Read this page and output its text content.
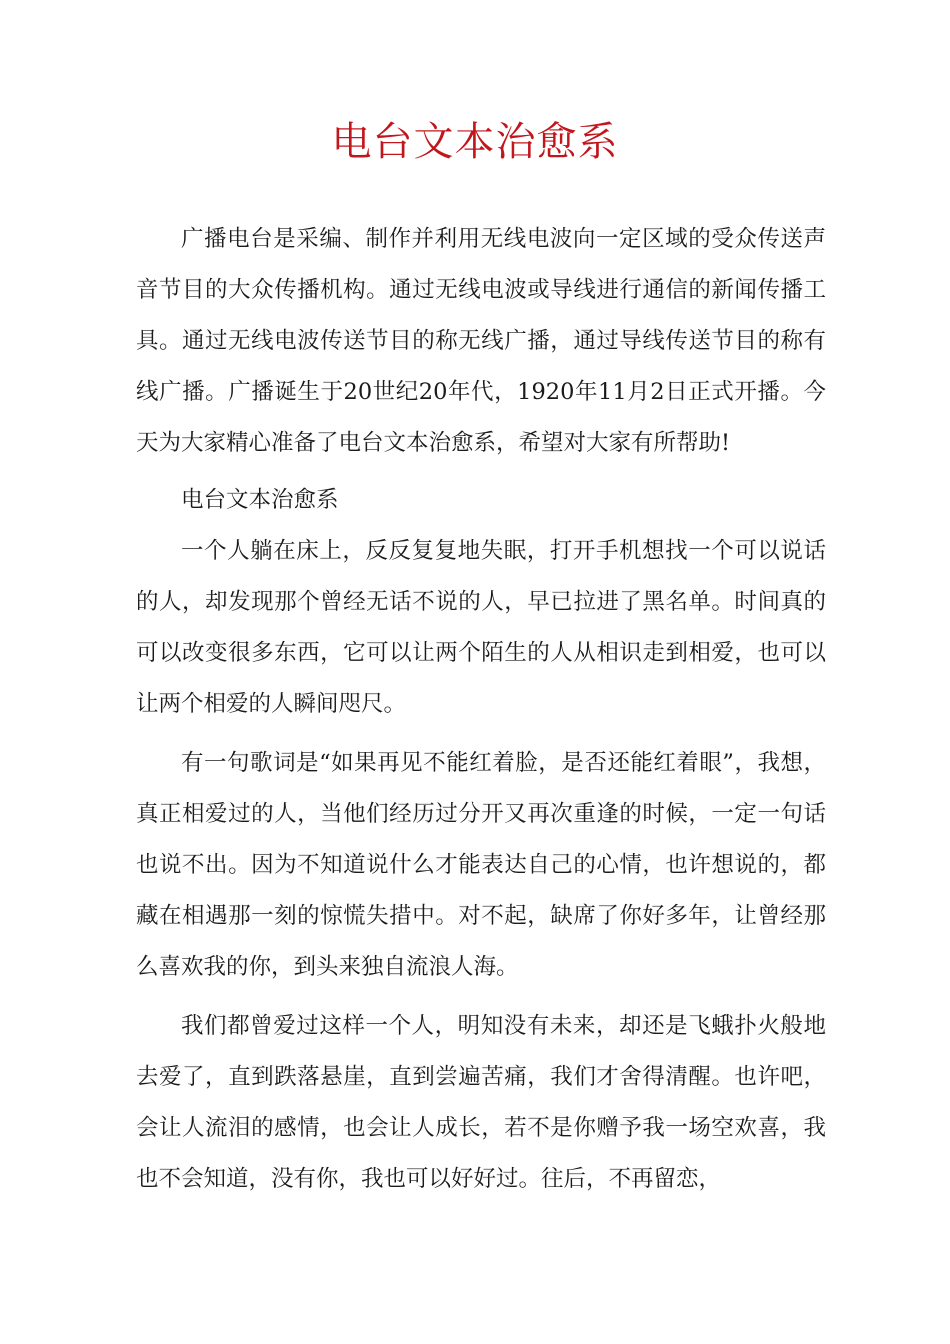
电台文本治愈系

广播电台是采编、制作并利用无线电波向一定区域的受众传送声音节目的大众传播机构。通过无线电波或导线进行通信的新闻传播工具。通过无线电波传送节目的称无线广播，通过导线传送节目的称有线广播。广播诞生于20世纪20年代，1920年11月2日正式开播。今天为大家精心准备了电台文本治愈系，希望对大家有所帮助!

电台文本治愈系

一个人躺在床上，反反复复地失眠，打开手机想找一个可以说话的人，却发现那个曾经无话不说的人，早已拉进了黑名单。时间真的可以改变很多东西，它可以让两个陌生的人从相识走到相爱，也可以让两个相爱的人瞬间咫尺。

有一句歌词是“如果再见不能红着脸，是否还能红着眼”，我想，真正相爱过的人，当他们经历过分开又再次重逢的时候，一定一句话也说不出。因为不知道说什么才能表达自己的心情，也许想说的，都藏在相遇那一刻的惊慌失措中。对不起，缺席了你好多年，让曾经那么喜欢我的你，到头来独自流浪人海。

我们都曾爱过这样一个人，明知没有未来，却还是飞蛾扑火般地去爱了，直到跌落悬崖，直到尝遍苦痛，我们才舍得清醒。也许吧，会让人流泪的感情，也会让人成长，若不是你赠予我一场空欢喜，我也不会知道，没有你，我也可以好好过。往后，不再留恋，
